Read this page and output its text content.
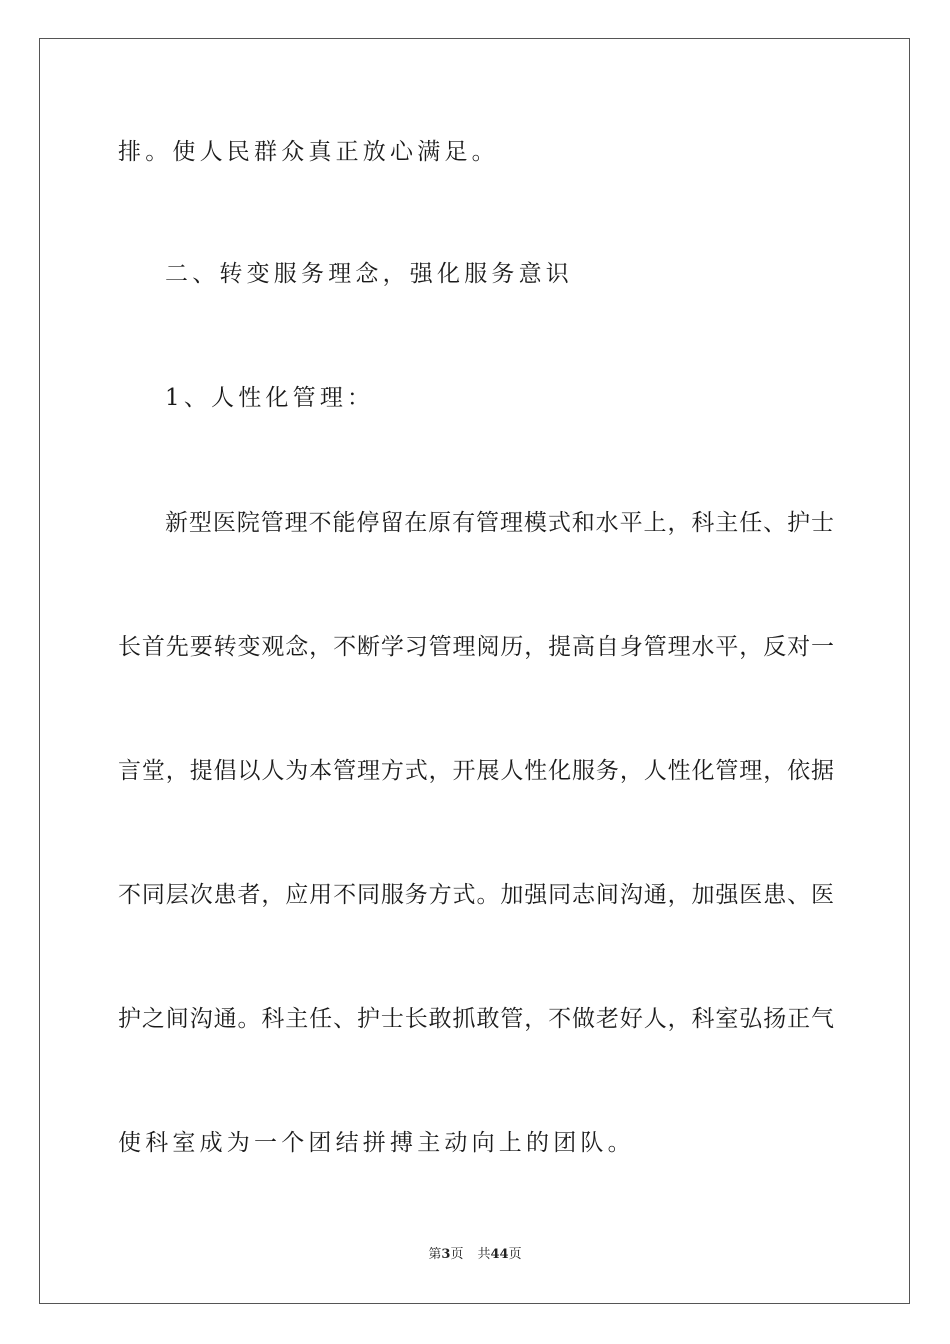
排。使人民群众真正放心满足。
二、转变服务理念，强化服务意识
1、人性化管理：
新型医院管理不能停留在原有管理模式和水平上，科主任、护士
长首先要转变观念，不断学习管理阅历，提高自身管理水平，反对一
言堂，提倡以人为本管理方式，开展人性化服务，人性化管理，依据
不同层次患者，应用不同服务方式。加强同志间沟通，加强医患、医
护之间沟通。科主任、护士长敢抓敢管，不做老好人，科室弘扬正气
使科室成为一个团结拼搏主动向上的团队。
第3页 共44页
